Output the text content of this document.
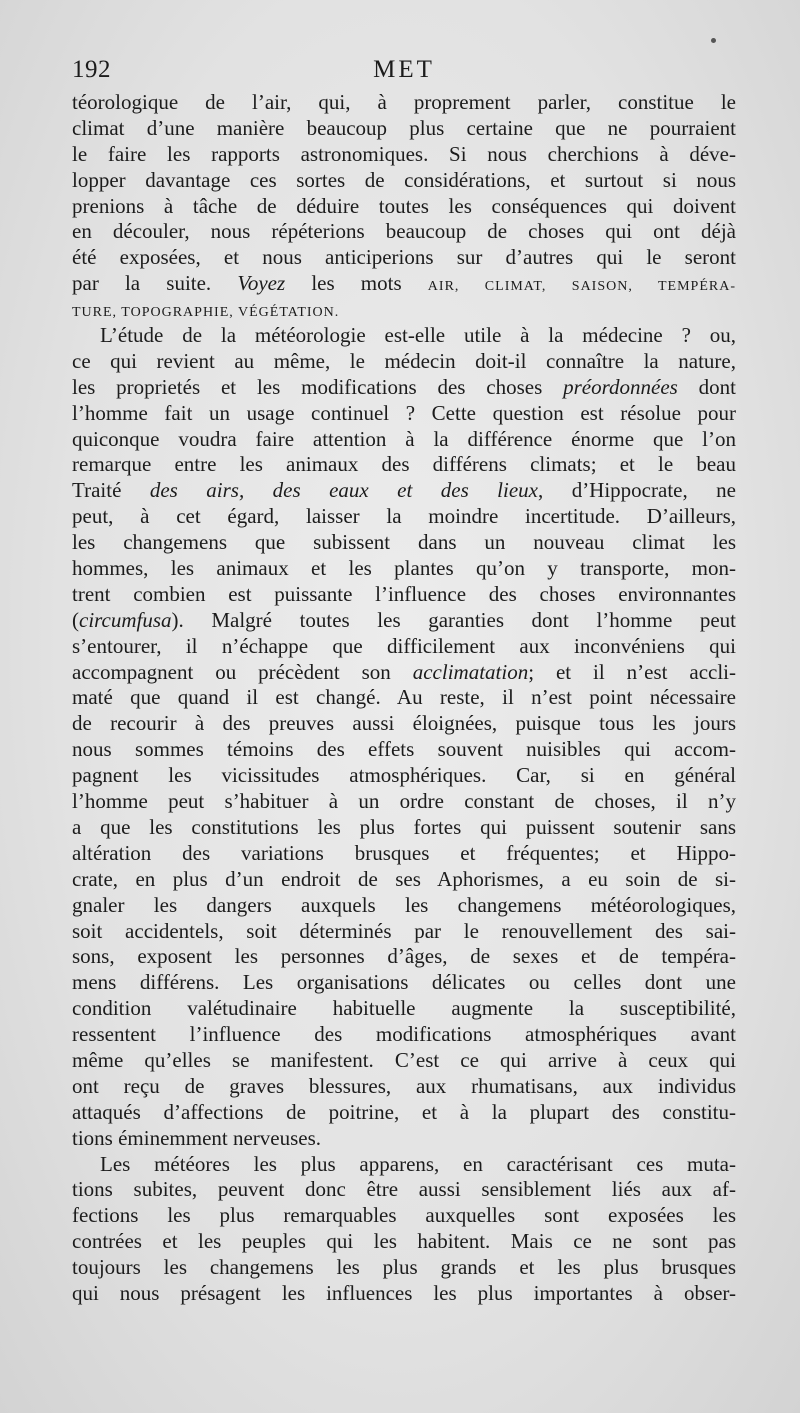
192	MET
téorologique de l’air, qui, à proprement parler, constitue le
climat d’une manière beaucoup plus certaine que ne pourraient
le faire les rapports astronomiques. Si nous cherchions à déve-
lopper davantage ces sortes de considérations, et surtout si nous
prenions à tâche de déduire toutes les conséquences qui doivent
en découler, nous répéterions beaucoup de choses qui ont déjà
été exposées, et nous anticiperions sur d’autres qui le seront
par la suite. Voyez les mots AIR, CLIMAT, SAISON, TEMPÉRA-
TURE, TOPOGRAPHIE, VÉGÉTATION.
L’étude de la météorologie est-elle utile à la médecine ? ou,
ce qui revient au même, le médecin doit-il connaître la nature,
les proprietés et les modifications des choses préordonnées dont
l’homme fait un usage continuel ? Cette question est résolue pour
quiconque voudra faire attention à la différence énorme que l’on
remarque entre les animaux des différens climats; et le beau
Traité des airs, des eaux et des lieux, d’Hippocrate, ne
peut, à cet égard, laisser la moindre incertitude. D’ailleurs,
les changemens que subissent dans un nouveau climat les
hommes, les animaux et les plantes qu’on y transporte, mon-
trent combien est puissante l’influence des choses environnantes
(circumfusa). Malgré toutes les garanties dont l’homme peut
s’entourer, il n’échappe que difficilement aux inconvéniens qui
accompagnent ou précèdent son acclimatation; et il n’est accli-
maté que quand il est changé. Au reste, il n’est point nécessaire
de recourir à des preuves aussi éloignées, puisque tous les jours
nous sommes témoins des effets souvent nuisibles qui accom-
pagnent les vicissitudes atmosphériques. Car, si en général
l’homme peut s’habituer à un ordre constant de choses, il n’y
a que les constitutions les plus fortes qui puissent soutenir sans
altération des variations brusques et fréquentes; et Hippo-
crate, en plus d’un endroit de ses Aphorismes, a eu soin de si-
gnaler les dangers auxquels les changemens météorologiques,
soit accidentels, soit déterminés par le renouvellement des sai-
sons, exposent les personnes d’âges, de sexes et de tempéra-
mens différens. Les organisations délicates ou celles dont une
condition valétudinaire habituelle augmente la susceptibilité,
ressentent l’influence des modifications atmosphériques avant
même qu’elles se manifestent. C’est ce qui arrive à ceux qui
ont reçu de graves blessures, aux rhumatisans, aux individus
attaqués d’affections de poitrine, et à la plupart des constitu-
tions éminemment nerveuses.
Les météores les plus apparens, en caractérisant ces muta-
tions subites, peuvent donc être aussi sensiblement liés aux af-
fections les plus remarquables auxquelles sont exposées les
contrées et les peuples qui les habitent. Mais ce ne sont pas
toujours les changemens les plus grands et les plus brusques
qui nous présagent les influences les plus importantes à obser-
